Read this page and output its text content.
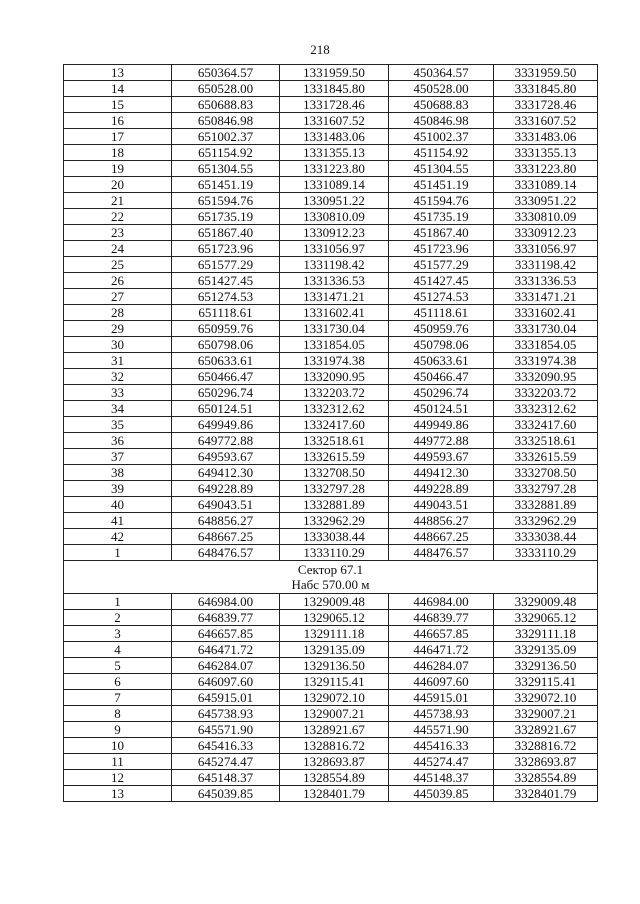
218
13	650364.57	1331959.50	450364.57	3331959.50
14	650528.00	1331845.80	450528.00	3331845.80
15	650688.83	1331728.46	450688.83	3331728.46
16	650846.98	1331607.52	450846.98	3331607.52
17	651002.37	1331483.06	451002.37	3331483.06
18	651154.92	1331355.13	451154.92	3331355.13
19	651304.55	1331223.80	451304.55	3331223.80
20	651451.19	1331089.14	451451.19	3331089.14
21	651594.76	1330951.22	451594.76	3330951.22
22	651735.19	1330810.09	451735.19	3330810.09
23	651867.40	1330912.23	451867.40	3330912.23
24	651723.96	1331056.97	451723.96	3331056.97
25	651577.29	1331198.42	451577.29	3331198.42
26	651427.45	1331336.53	451427.45	3331336.53
27	651274.53	1331471.21	451274.53	3331471.21
28	651118.61	1331602.41	451118.61	3331602.41
29	650959.76	1331730.04	450959.76	3331730.04
30	650798.06	1331854.05	450798.06	3331854.05
31	650633.61	1331974.38	450633.61	3331974.38
32	650466.47	1332090.95	450466.47	3332090.95
33	650296.74	1332203.72	450296.74	3332203.72
34	650124.51	1332312.62	450124.51	3332312.62
35	649949.86	1332417.60	449949.86	3332417.60
36	649772.88	1332518.61	449772.88	3332518.61
37	649593.67	1332615.59	449593.67	3332615.59
38	649412.30	1332708.50	449412.30	3332708.50
39	649228.89	1332797.28	449228.89	3332797.28
40	649043.51	1332881.89	449043.51	3332881.89
41	648856.27	1332962.29	448856.27	3332962.29
42	648667.25	1333038.44	448667.25	3333038.44
1	648476.57	1333110.29	448476.57	3333110.29

Сектор 67.1
Набс 570.00 м				

1	646984.00	1329009.48	446984.00	3329009.48
2	646839.77	1329065.12	446839.77	3329065.12
3	646657.85	1329111.18	446657.85	3329111.18
4	646471.72	1329135.09	446471.72	3329135.09
5	646284.07	1329136.50	446284.07	3329136.50
6	646097.60	1329115.41	446097.60	3329115.41
7	645915.01	1329072.10	445915.01	3329072.10
8	645738.93	1329007.21	445738.93	3329007.21
9	645571.90	1328921.67	445571.90	3328921.67
10	645416.33	1328816.72	445416.33	3328816.72
11	645274.47	1328693.87	445274.47	3328693.87
12	645148.37	1328554.89	445148.37	3328554.89
13	645039.85	1328401.79	445039.85	3328401.79
